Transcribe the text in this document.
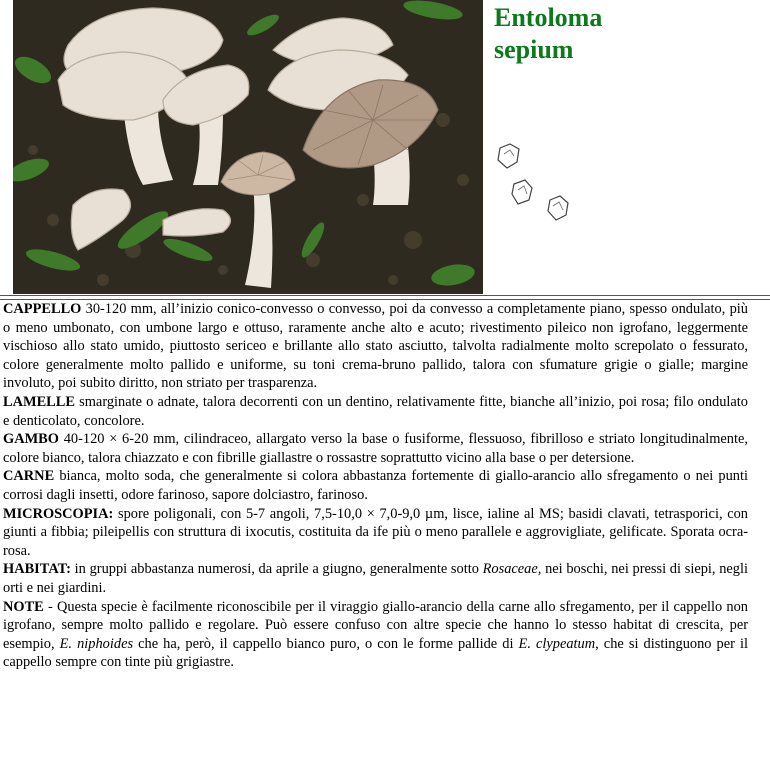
Entoloma
sepium

CAPPELLO 30-120 mm, all’inizio conico-convesso o convesso, poi da convesso a completamente piano, spesso ondulato, più o meno umbonato, con umbone largo e ottuso, raramente anche alto e acuto; rivestimento pileico non igrofano, leggermente vischioso allo stato umido, piuttosto sericeo e brillante allo stato asciutto, talvolta radialmente molto screpolato o fessurato, colore generalmente molto pallido e uniforme, su toni crema-bruno pallido, talora con sfumature grigie o gialle; margine involuto, poi subito diritto, non striato per trasparenza.

LAMELLE smarginate o adnate, talora decorrenti con un dentino, relativamente fitte, bianche all’inizio, poi rosa; filo ondulato e denticolato, concolore.

GAMBO 40-120 × 6-20 mm, cilindraceo, allargato verso la base o fusiforme, flessuoso, fibrilloso e striato longitudinalmente, colore bianco, talora chiazzato e con fibrille giallastre o rossastre soprattutto vicino alla base o per detersione.

CARNE bianca, molto soda, che generalmente si colora abbastanza fortemente di giallo-arancio allo sfregamento o nei punti corrosi dagli insetti, odore farinoso, sapore dolciastro, farinoso.

MICROSCOPIA: spore poligonali, con 5-7 angoli, 7,5-10,0 × 7,0-9,0 µm, lisce, ialine al MS; basidi clavati, tetrasporici, con giunti a fibbia; pileipellis con struttura di ixocutis, costituita da ife più o meno parallele e aggrovigliate, gelificate. Sporata ocra-rosa.

HABITAT: in gruppi abbastanza numerosi, da aprile a giugno, generalmente sotto Rosaceae, nei boschi, nei pressi di siepi, negli orti e nei giardini.

NOTE - Questa specie è facilmente riconoscibile per il viraggio giallo-arancio della carne allo sfregamento, per il cappello non igrofano, sempre molto pallido e regolare. Può essere confuso con altre specie che hanno lo stesso habitat di crescita, per esempio, E. niphoides che ha, però, il cappello bianco puro, o con le forme pallide di E. clypeatum, che si distinguono per il cappello sempre con tinte più grigiastre.
